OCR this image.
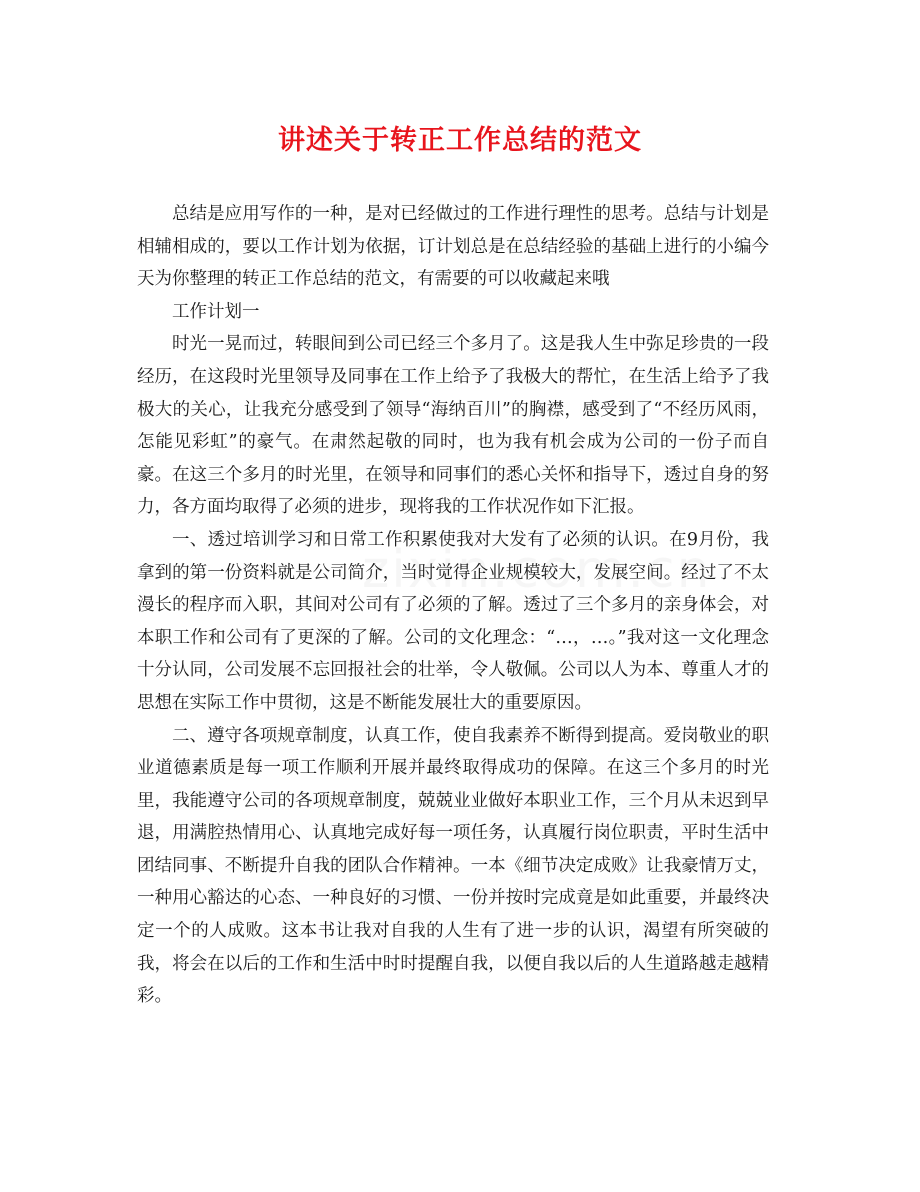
讲述关于转正工作总结的范文

总结是应用写作的一种，是对已经做过的工作进行理性的思考。总结与计划是相辅相成的，要以工作计划为依据，订计划总是在总结经验的基础上进行的小编今天为你整理的转正工作总结的范文，有需要的可以收藏起来哦

工作计划一

时光一晃而过，转眼间到公司已经三个多月了。这是我人生中弥足珍贵的一段经历，在这段时光里领导及同事在工作上给予了我极大的帮忙，在生活上给予了我极大的关心，让我充分感受到了领导“海纳百川”的胸襟，感受到了“不经历风雨，怎能见彩虹”的豪气。在肃然起敬的同时，也为我有机会成为公司的一份子而自豪。在这三个多月的时光里，在领导和同事们的悉心关怀和指导下，透过自身的努力，各方面均取得了必须的进步，现将我的工作状况作如下汇报。

一、透过培训学习和日常工作积累使我对大发有了必须的认识。在9月份，我拿到的第一份资料就是公司简介，当时觉得企业规模较大，发展空间。经过了不太漫长的程序而入职，其间对公司有了必须的了解。透过了三个多月的亲身体会，对本职工作和公司有了更深的了解。公司的文化理念：“…，…。”我对这一文化理念十分认同，公司发展不忘回报社会的壮举，令人敬佩。公司以人为本、尊重人才的思想在实际工作中贯彻，这是不断能发展壮大的重要原因。

二、遵守各项规章制度，认真工作，使自我素养不断得到提高。爱岗敬业的职业道德素质是每一项工作顺利开展并最终取得成功的保障。在这三个多月的时光里，我能遵守公司的各项规章制度，兢兢业业做好本职业工作，三个月从未迟到早退，用满腔热情用心、认真地完成好每一项任务，认真履行岗位职责，平时生活中团结同事、不断提升自我的团队合作精神。一本《细节决定成败》让我豪情万丈，一种用心豁达的心态、一种良好的习惯、一份并按时完成竟是如此重要，并最终决定一个的人成败。这本书让我对自我的人生有了进一步的认识，渴望有所突破的我，将会在以后的工作和生活中时时提醒自我，以便自我以后的人生道路越走越精彩。
